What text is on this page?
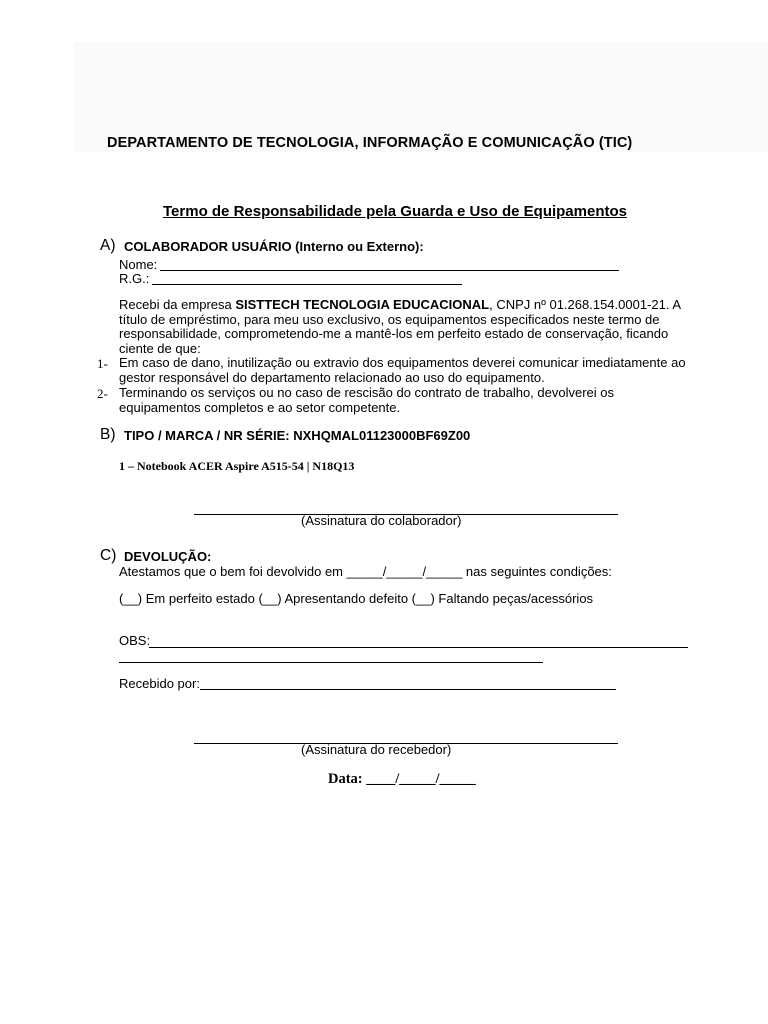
DEPARTAMENTO DE TECNOLOGIA, INFORMAÇÃO E COMUNICAÇÃO (TIC)
Termo de Responsabilidade pela Guarda e Uso de Equipamentos
A) COLABORADOR USUÁRIO (Interno ou Externo):
Nome:
R.G.:
Recebi da empresa SISTTECH TECNOLOGIA EDUCACIONAL, CNPJ nº 01.268.154.0001-21. A título de empréstimo, para meu uso exclusivo, os equipamentos especificados neste termo de responsabilidade, comprometendo-me a mantê-los em perfeito estado de conservação, ficando ciente de que:
1- Em caso de dano, inutilização ou extravio dos equipamentos deverei comunicar imediatamente ao gestor responsável do departamento relacionado ao uso do equipamento.
2- Terminando os serviços ou no caso de rescisão do contrato de trabalho, devolverei os equipamentos completos e ao setor competente.
B) TIPO / MARCA / NR SÉRIE: NXHQMAL01123000BF69Z00
1 – Notebook ACER Aspire A515-54 | N18Q13
(Assinatura do colaborador)
C) DEVOLUÇÃO:
Atestamos que o bem foi devolvido em _____/_____/_____ nas seguintes condições:
(__) Em perfeito estado (__) Apresentando defeito (__) Faltando peças/acessórios
OBS:
Recebido por:
(Assinatura do recebedor)
Data: ____/_____/_____
